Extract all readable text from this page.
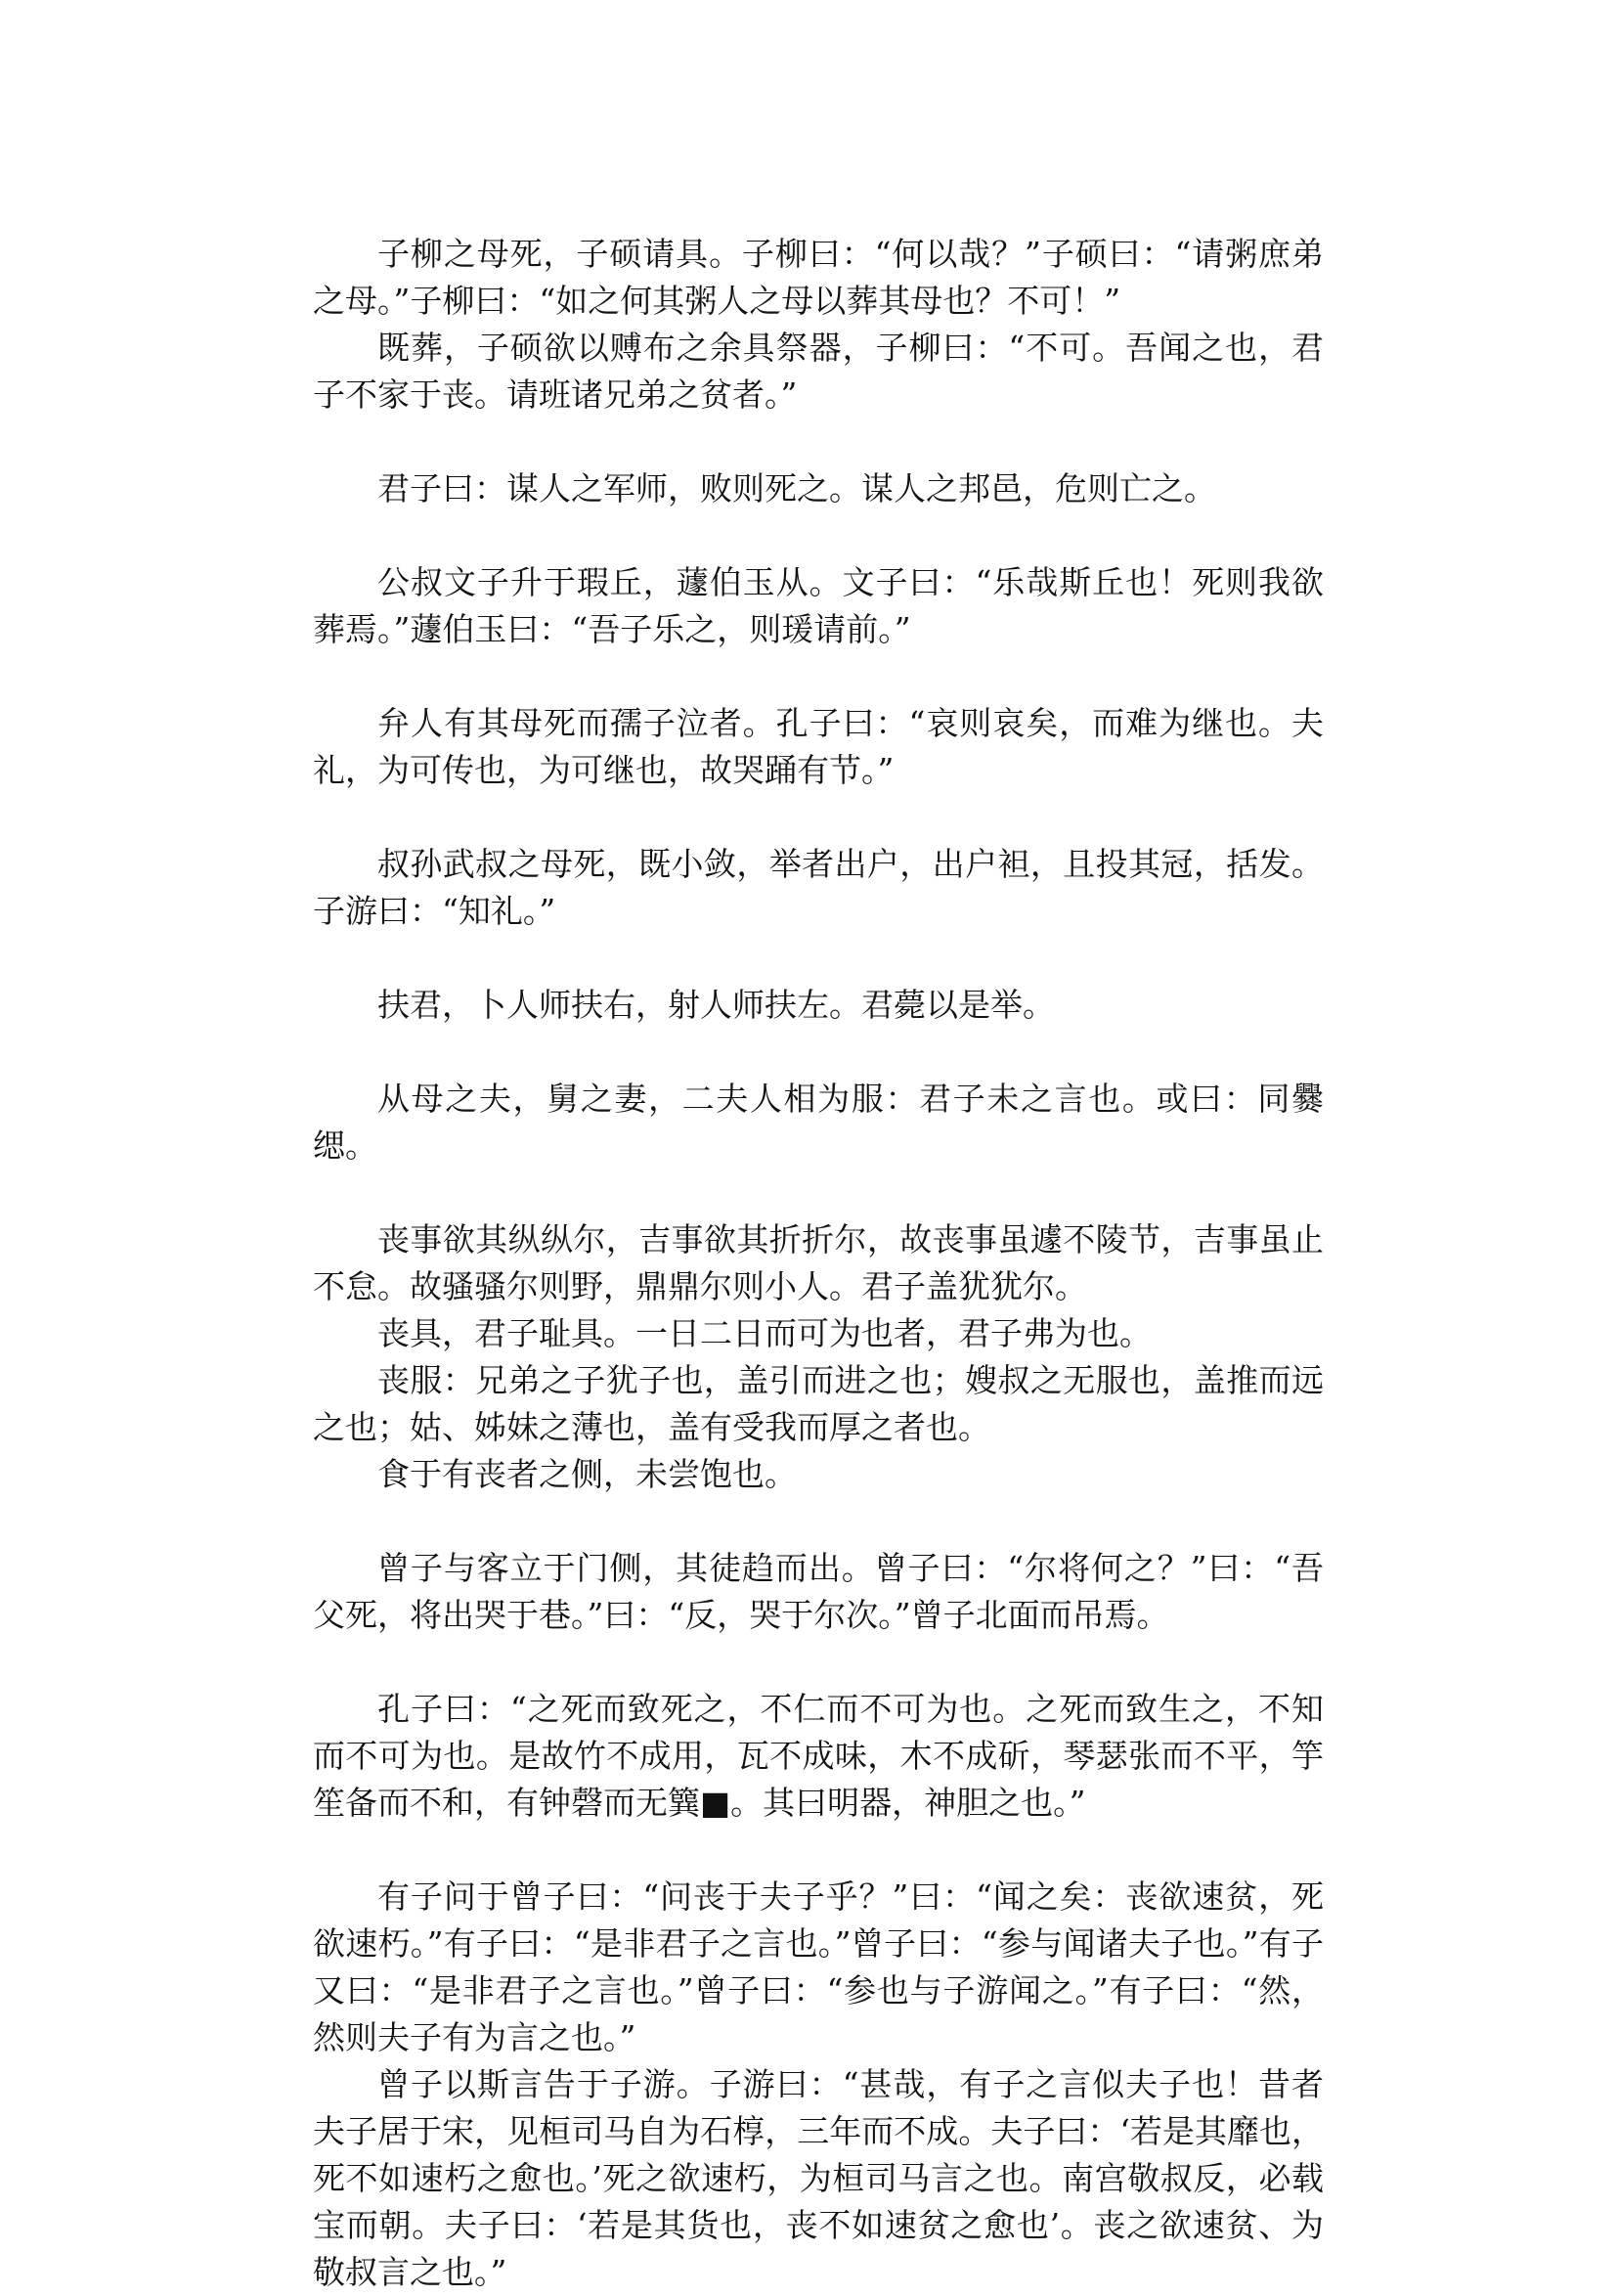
子柳之母死，子硕请具。子柳曰：“何以哉？”子硕曰：“请粥庶弟之母。”子柳曰：“如之何其粥人之母以葬其母也？不可！”

既葬，子硕欲以赙布之余具祭器，子柳曰：“不可。吾闻之也，君子不家于丧。请班诸兄弟之贫者。”

君子曰：谋人之军师，败则死之。谋人之邦邑，危则亡之。

公叔文子升于瑕丘，蘧伯玉从。文子曰：“乐哉斯丘也！死则我欲葬焉。”蘧伯玉曰：“吾子乐之，则瑗请前。”

弁人有其母死而孺子泣者。孔子曰：“哀则哀矣，而难为继也。夫礼，为可传也，为可继也，故哭踊有节。”

叔孙武叔之母死，既小敛，举者出户，出户袒，且投其冠，括发。子游曰：“知礼。”

扶君，卜人师扶右，射人师扶左。君薨以是举。

从母之夫，舅之妻，二夫人相为服：君子未之言也。或曰：同爨缌。

丧事欲其纵纵尔，吉事欲其折折尔，故丧事虽遽不陵节，吉事虽止不怠。故骚骚尔则野，鼎鼎尔则小人。君子盖犹犹尔。

丧具，君子耻具。一日二日而可为也者，君子弗为也。

丧服：兄弟之子犹子也，盖引而进之也；嫂叔之无服也，盖推而远之也；姑、姊妹之薄也，盖有受我而厚之者也。

食于有丧者之侧，未尝饱也。

曾子与客立于门侧，其徒趋而出。曾子曰：“尔将何之？”曰：“吾父死，将出哭于巷。”曰：“反，哭于尔次。”曾子北面而吊焉。

孔子曰：“之死而致死之，不仁而不可为也。之死而致生之，不知而不可为也。是故竹不成用，瓦不成味，木不成斫，琴瑟张而不平，竽笙备而不和，有钟磬而无簨■。其曰明器，神胆之也。”

有子问于曾子曰：“问丧于夫子乎？”曰：“闻之矣：丧欲速贫，死欲速朽。”有子曰：“是非君子之言也。”曾子曰：“参与闻诸夫子也。”有子又曰：“是非君子之言也。”曾子曰：“参也与子游闻之。”有子曰：“然，然则夫子有为言之也。”

曾子以斯言告于子游。子游曰：“甚哉，有子之言似夫子也！昔者夫子居于宋，见桓司马自为石椁，三年而不成。夫子曰：‘若是其靡也，死不如速朽之愈也。’死之欲速朽，为桓司马言之也。南宫敬叔反，必载宝而朝。夫子曰：‘若是其货也，丧不如速贫之愈也’。丧之欲速贫、为敬叔言之也。”
